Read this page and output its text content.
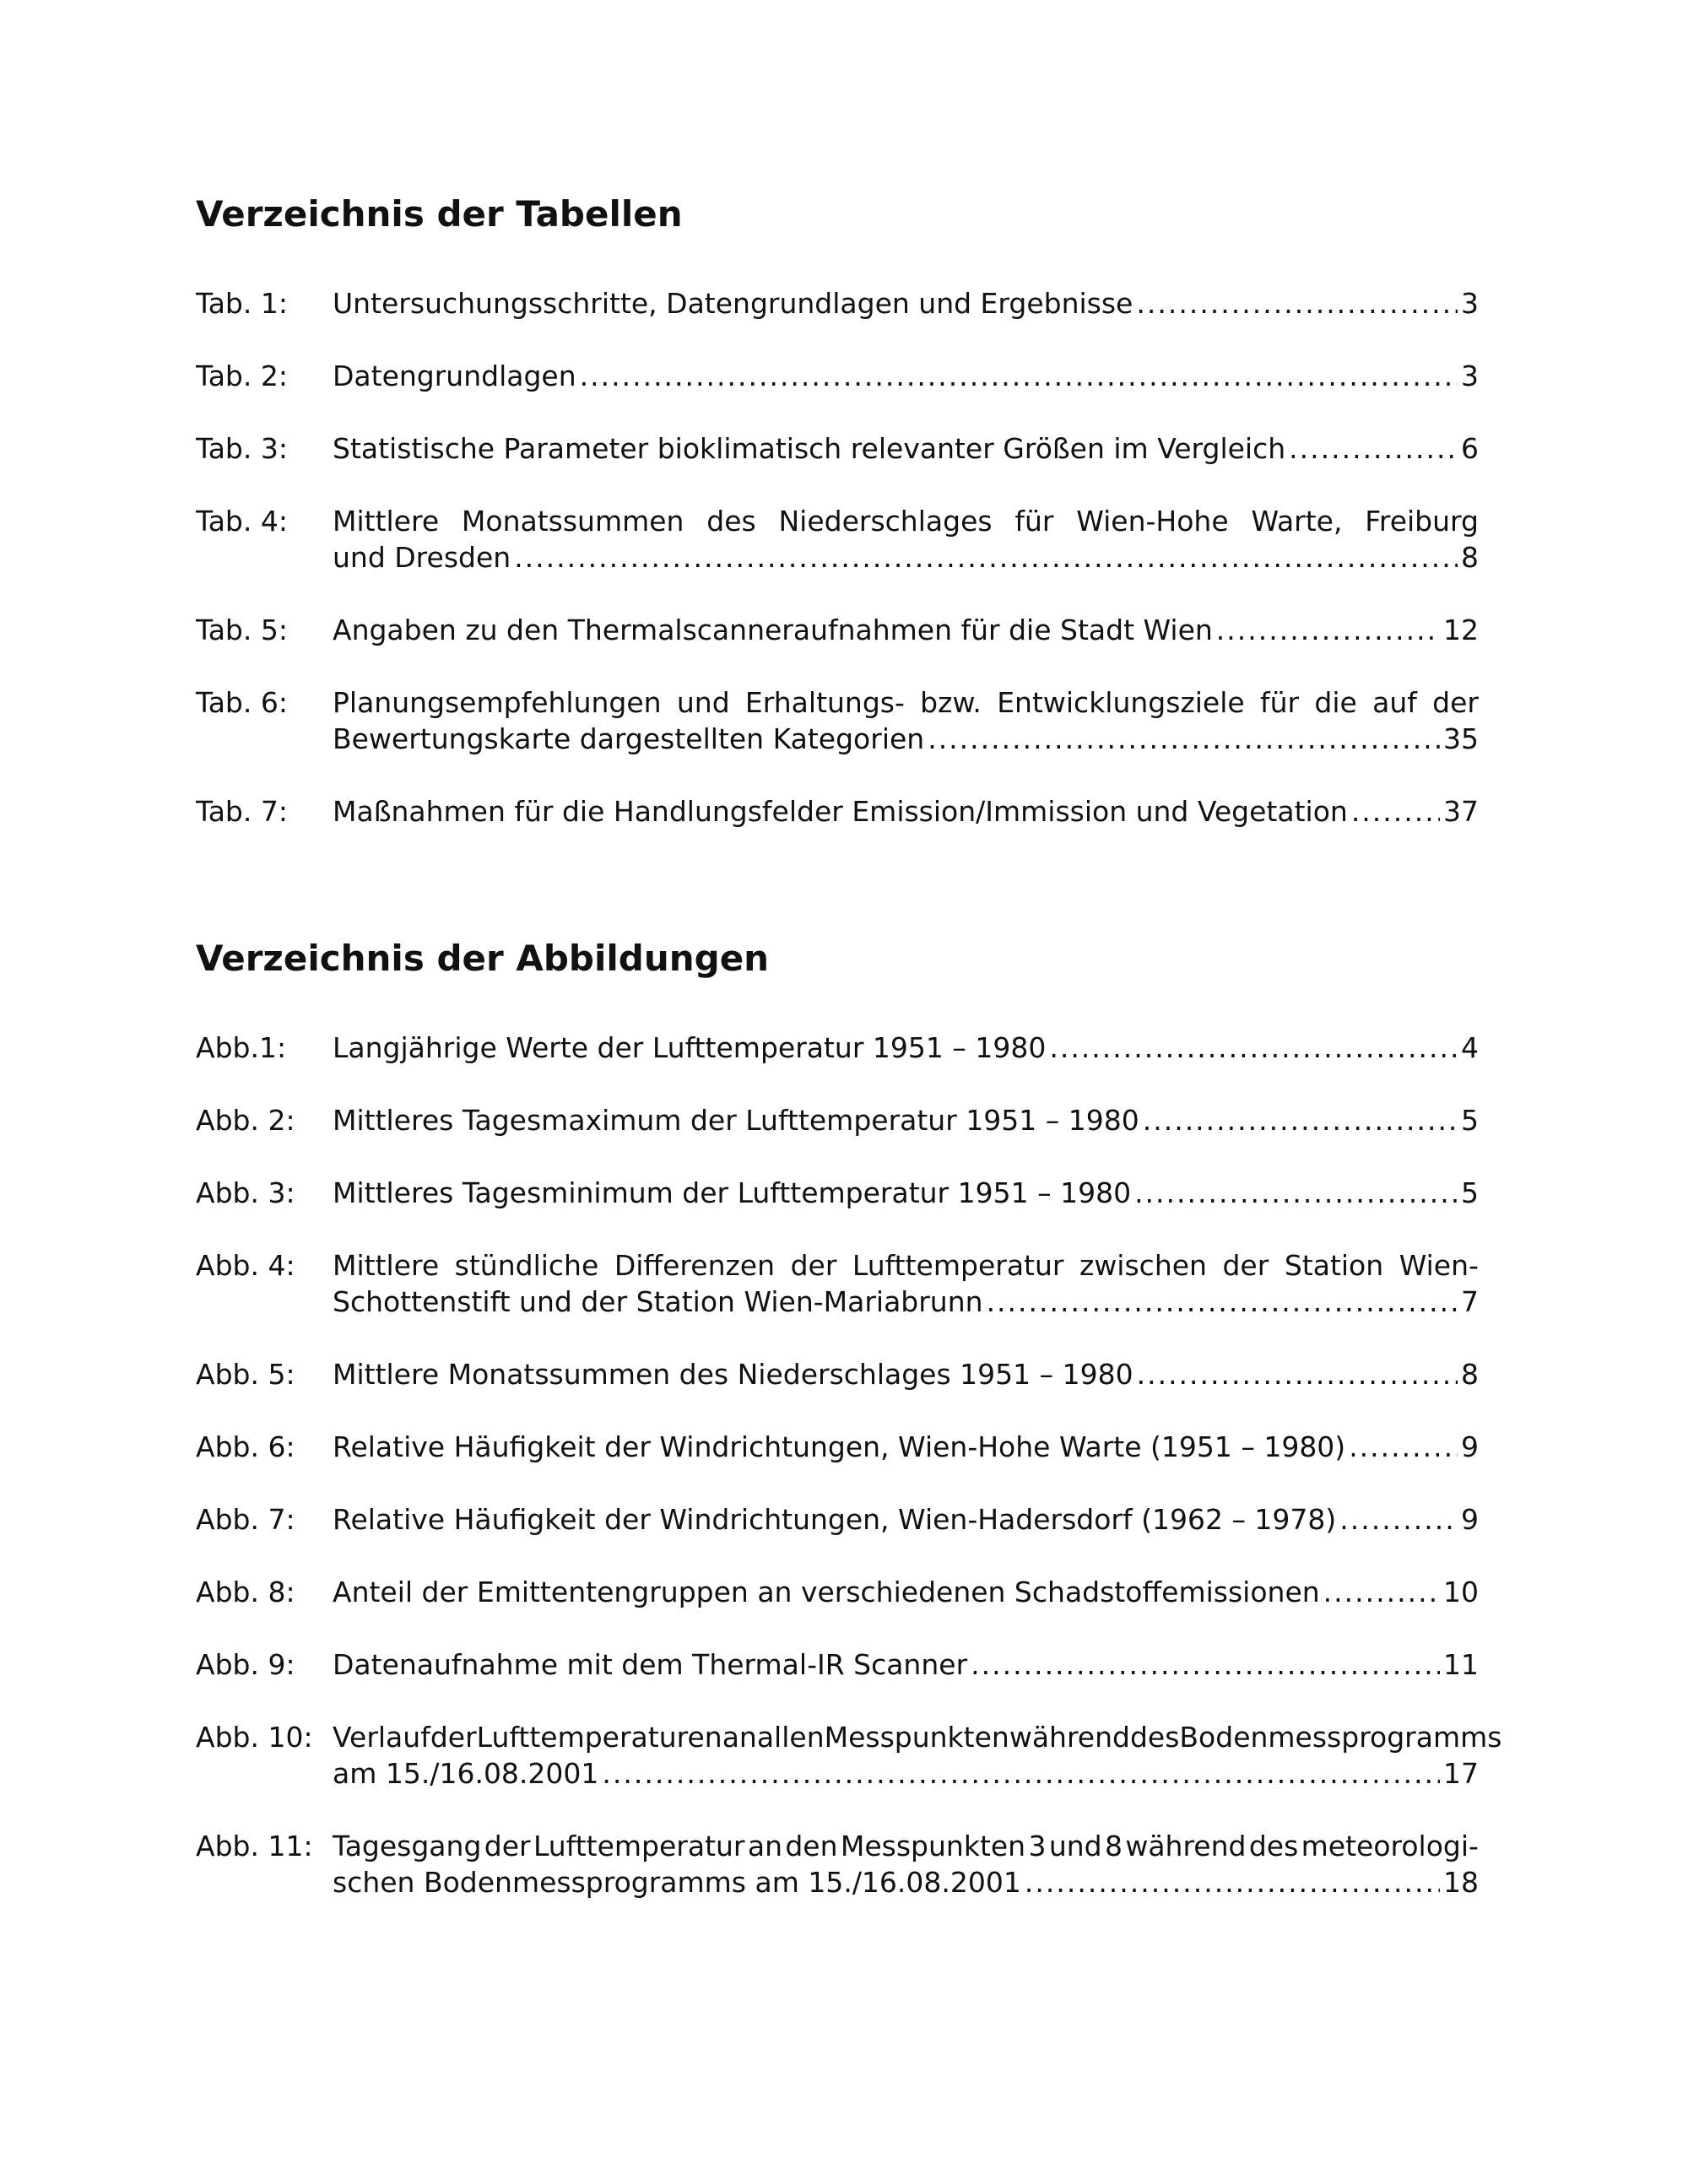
Verzeichnis der Tabellen
Tab. 1: Untersuchungsschritte, Datengrundlagen und Ergebnisse .....	3
Tab. 2: Datengrundlagen .....	3
Tab. 3: Statistische Parameter bioklimatisch relevanter Größen im Vergleich .....	6
Tab. 4: Mittlere Monatssummen des Niederschlages für Wien-Hohe Warte, Freiburg
und Dresden .....	8
Tab. 5: Angaben zu den Thermalscanneraufnahmen für die Stadt Wien .....	12
Tab. 6: Planungsempfehlungen und Erhaltungs- bzw. Entwicklungsziele für die auf der
Bewertungskarte dargestellten Kategorien .....	35
Tab. 7: Maßnahmen für die Handlungsfelder Emission/Immission und Vegetation .....	37
Verzeichnis der Abbildungen
Abb.1: Langjährige Werte der Lufttemperatur 1951 – 1980 .....	4
Abb. 2: Mittleres Tagesmaximum der Lufttemperatur 1951 – 1980 .....	5
Abb. 3: Mittleres Tagesminimum der Lufttemperatur 1951 – 1980 .....	5
Abb. 4: Mittlere stündliche Differenzen der Lufttemperatur zwischen der Station Wien-
Schottenstift und der Station Wien-Mariabrunn .....	7
Abb. 5: Mittlere Monatssummen des Niederschlages 1951 – 1980 .....	8
Abb. 6: Relative Häufigkeit der Windrichtungen, Wien-Hohe Warte (1951 – 1980) .....	9
Abb. 7: Relative Häufigkeit der Windrichtungen, Wien-Hadersdorf (1962 – 1978) .....	9
Abb. 8: Anteil der Emittentengruppen an verschiedenen Schadstoffemissionen .....	10
Abb. 9: Datenaufnahme mit dem Thermal-IR Scanner .....	11
Abb. 10: Verlauf der Lufttemperaturen an allen Messpunkten während des Bodenmessprogramms
am 15./16.08.2001 .....	17
Abb. 11: Tagesgang der Lufttemperatur an den Messpunkten 3 und 8 während des meteorologi-
schen Bodenmessprogramms am 15./16.08.2001 .....	18
